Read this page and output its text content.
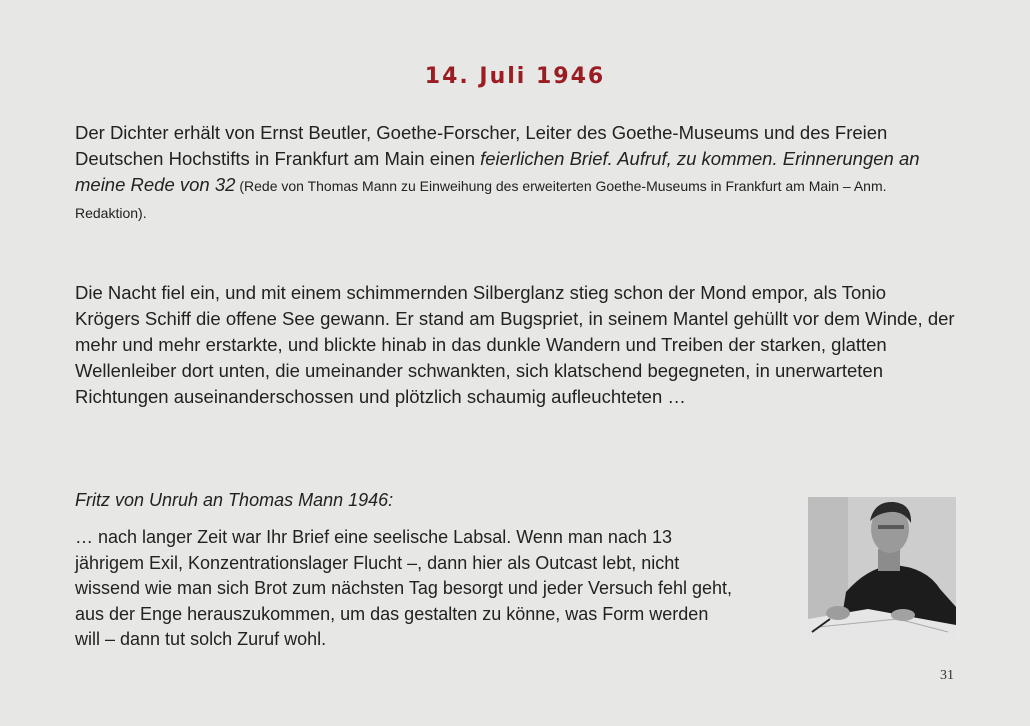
14. Juli 1946
Der Dichter erhält von Ernst Beutler, Goethe-Forscher, Leiter des Goethe-Museums und des Freien Deutschen Hochstifts in Frankfurt am Main einen feierlichen Brief. Aufruf, zu kommen. Erinnerungen an meine Rede von 32 (Rede von Thomas Mann zu Einweihung des erweiterten Goethe-Museums in Frankfurt am Main – Anm. Redaktion).
Die Nacht fiel ein, und mit einem schimmernden Silberglanz stieg schon der Mond empor, als Tonio Krögers Schiff die offene See gewann. Er stand am Bugspriet, in seinem Mantel gehüllt vor dem Winde, der mehr und mehr erstarkte, und blickte hinab in das dunkle Wandern und Treiben der starken, glatten Wellenleiber dort unten, die umeinander schwankten, sich klatschend begegneten, in unerwarteten Richtungen auseinanderschossen und plötzlich schaumig aufleuchteten …
Fritz von Unruh an Thomas Mann 1946:
… nach langer Zeit war Ihr Brief eine seelische Labsal. Wenn man nach 13 jährigem Exil, Konzentrationslager Flucht –, dann hier als Outcast lebt, nicht wissend wie man sich Brot zum nächsten Tag besorgt und jeder Versuch fehl geht, aus der Enge herauszukommen, um das gestalten zu könne, was Form werden will – dann tut solch Zuruf wohl.
31
